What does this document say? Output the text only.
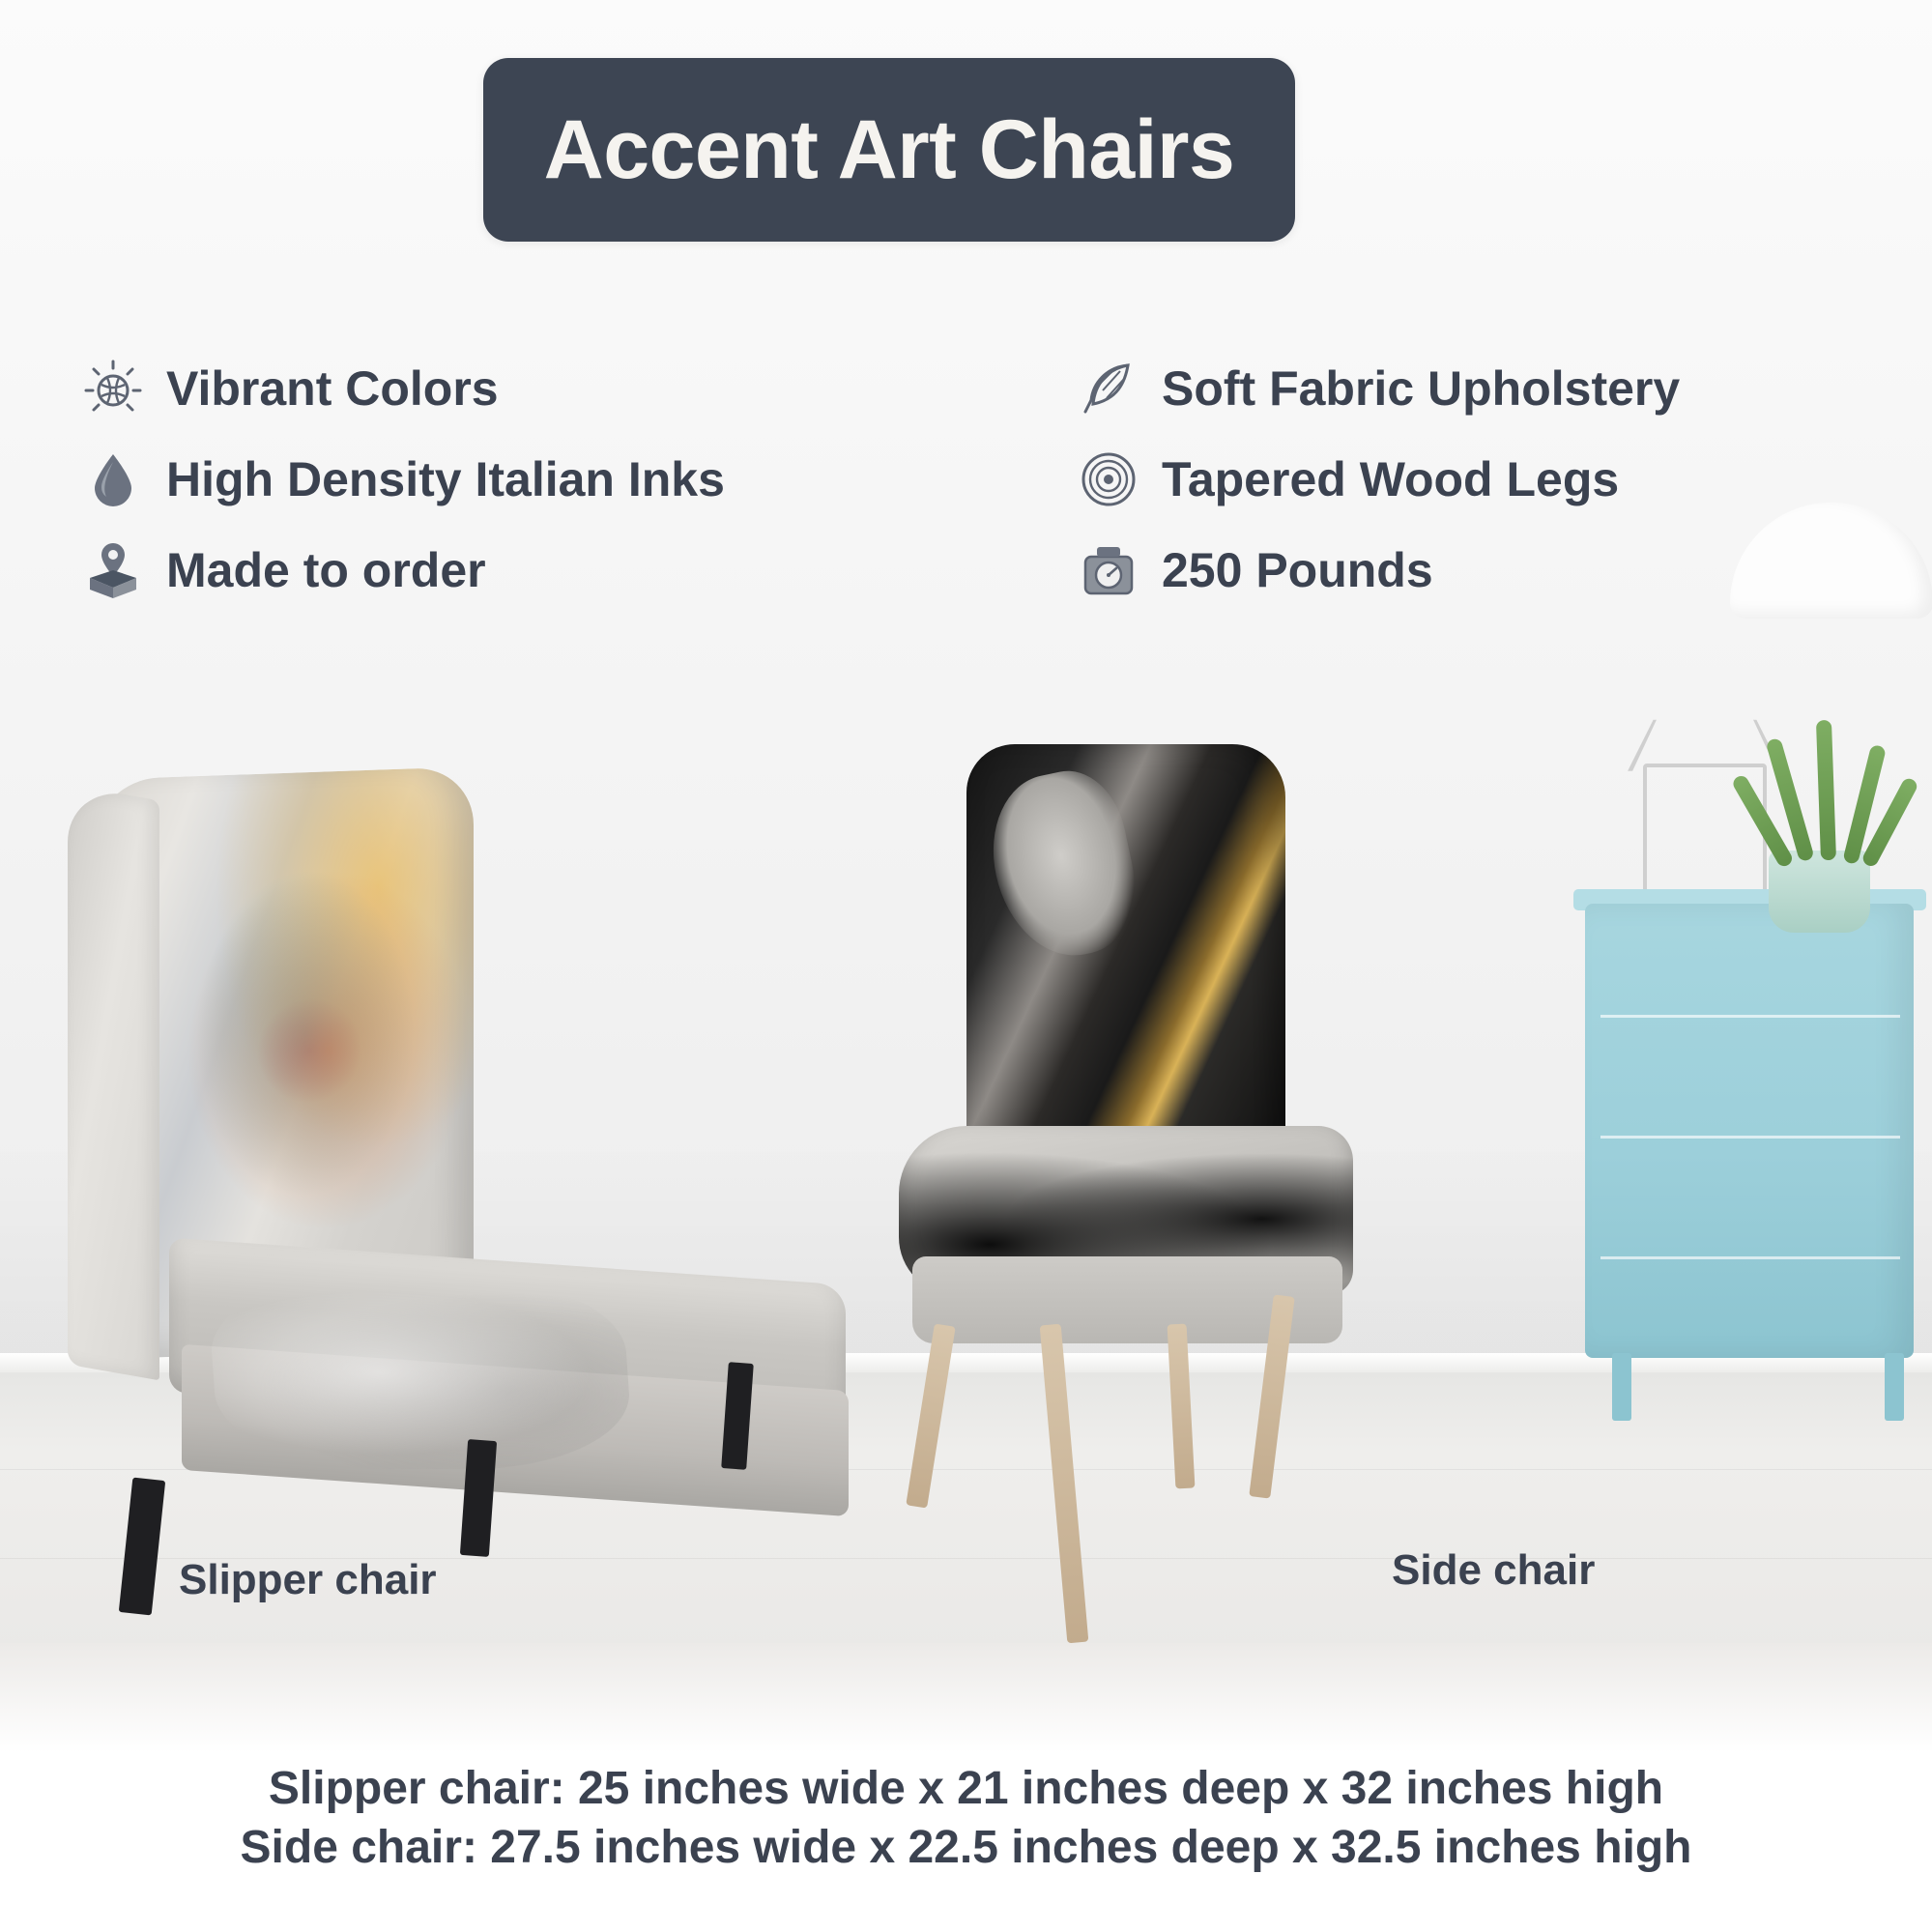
Accent Art Chairs
Vibrant Colors
High Density Italian Inks
Made to order
Soft Fabric Upholstery
Tapered Wood Legs
250 Pounds
Slipper chair	Side chair
Slipper chair: 25 inches wide x 21 inches deep x 32 inches high
Side chair: 27.5 inches wide x 22.5 inches deep x 32.5 inches high
